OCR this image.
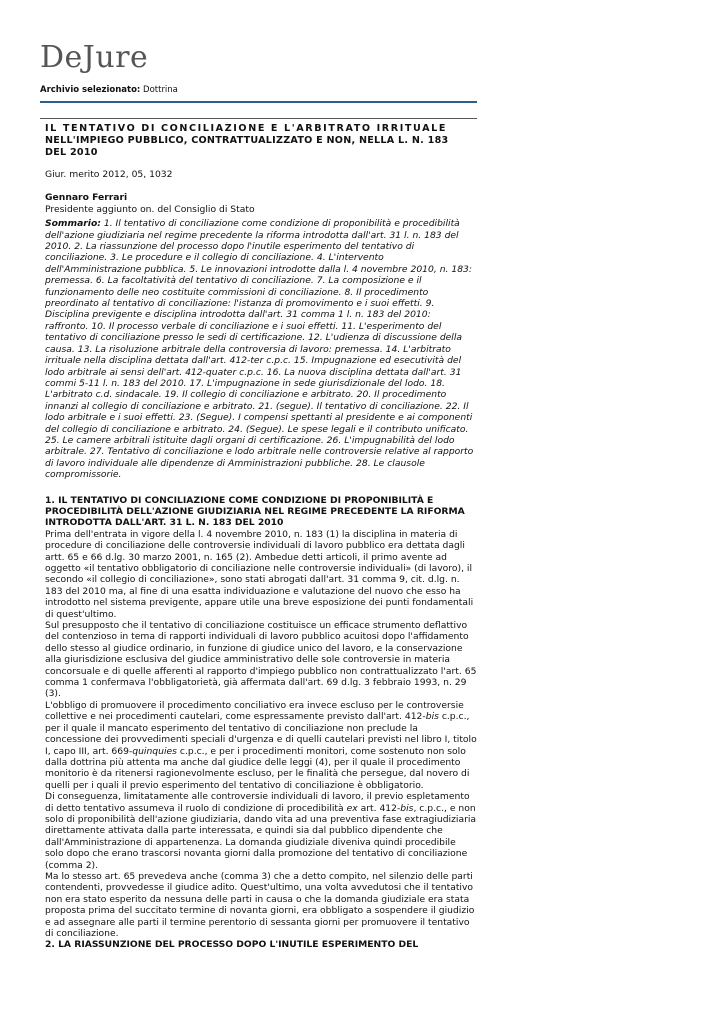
DeJure
Archivio selezionato: Dottrina
IL TENTATIVO DI CONCILIAZIONE E L'ARBITRATO IRRITUALE
NELL'IMPIEGO PUBBLICO, CONTRATTUALIZZATO E NON, NELLA L. N. 183
DEL 2010

Giur. merito 2012, 05, 1032

Gennaro Ferrari

Presidente aggiunto on. del Consiglio di Stato

Sommario: 1. Il tentativo di conciliazione come condizione di proponibilità e procedibilità dell'azione giudiziaria nel regime precedente la riforma introdotta dall'art. 31 l. n. 183 del 2010. 2. La riassunzione del processo dopo l'inutile esperimento del tentativo di conciliazione. 3. Le procedure e il collegio di conciliazione. 4. L'intervento dell'Amministrazione pubblica. 5. Le innovazioni introdotte dalla l. 4 novembre 2010, n. 183: premessa. 6. La facoltatività del tentativo di conciliazione. 7. La composizione e il funzionamento delle neo costituite commissioni di conciliazione. 8. Il procedimento preordinato al tentativo di conciliazione: l'istanza di promovimento e i suoi effetti. 9. Disciplina previgente e disciplina introdotta dall'art. 31 comma 1 l. n. 183 del 2010: raffronto. 10. Il processo verbale di conciliazione e i suoi effetti. 11. L'esperimento del tentativo di conciliazione presso le sedi di certificazione. 12. L'udienza di discussione della causa. 13. La risoluzione arbitrale della controversia di lavoro: premessa. 14. L'arbitrato irrituale nella disciplina dettata dall'art. 412-ter c.p.c. 15. Impugnazione ed esecutività del lodo arbitrale ai sensi dell'art. 412-quater c.p.c. 16. La nuova disciplina dettata dall'art. 31 commi 5-11 l. n. 183 del 2010. 17. L'impugnazione in sede giurisdizionale del lodo. 18. L'arbitrato c.d. sindacale. 19. Il collegio di conciliazione e arbitrato. 20. Il procedimento innanzi al collegio di conciliazione e arbitrato. 21. (segue). Il tentativo di conciliazione. 22. Il lodo arbitrale e i suoi effetti. 23. (Segue). I compensi spettanti al presidente e ai componenti del collegio di conciliazione e arbitrato. 24. (Segue). Le spese legali e il contributo unificato. 25. Le camere arbitrali istituite dagli organi di certificazione. 26. L'impugnabilità del lodo arbitrale. 27. Tentativo di conciliazione e lodo arbitrale nelle controversie relative al rapporto di lavoro individuale alle dipendenze di Amministrazioni pubbliche. 28. Le clausole compromissorie.

1. IL TENTATIVO DI CONCILIAZIONE COME CONDIZIONE DI PROPONIBILITÀ E PROCEDIBILITÀ DELL'AZIONE GIUDIZIARIA NEL REGIME PRECEDENTE LA RIFORMA INTRODOTTA DALL'ART. 31 L. N. 183 DEL 2010

Prima dell'entrata in vigore della l. 4 novembre 2010, n. 183 (1) la disciplina in materia di procedure di conciliazione delle controversie individuali di lavoro pubblico era dettata dagli artt. 65 e 66 d.lg. 30 marzo 2001, n. 165 (2). Ambedue detti articoli, il primo avente ad oggetto «il tentativo obbligatorio di conciliazione nelle controversie individuali» (di lavoro), il secondo «il collegio di conciliazione», sono stati abrogati dall'art. 31 comma 9, cit. d.lg. n. 183 del 2010 ma, al fine di una esatta individuazione e valutazione del nuovo che esso ha introdotto nel sistema previgente, appare utile una breve esposizione dei punti fondamentali di quest'ultimo.

Sul presupposto che il tentativo di conciliazione costituisce un efficace strumento deflattivo del contenzioso in tema di rapporti individuali di lavoro pubblico acuitosi dopo l'affidamento dello stesso al giudice ordinario, in funzione di giudice unico del lavoro, e la conservazione alla giurisdizione esclusiva del giudice amministrativo delle sole controversie in materia concorsuale e di quelle afferenti al rapporto d'impiego pubblico non contrattualizzato l'art. 65 comma 1 confermava l'obbligatorietà, già affermata dall'art. 69 d.lg. 3 febbraio 1993, n. 29 (3).

L'obbligo di promuovere il procedimento conciliativo era invece escluso per le controversie collettive e nei procedimenti cautelari, come espressamente previsto dall'art. 412-bis c.p.c., per il quale il mancato esperimento del tentativo di conciliazione non preclude la concessione dei provvedimenti speciali d'urgenza e di quelli cautelari previsti nel libro I, titolo I, capo III, art. 669-quinquies c.p.c., e per i procedimenti monitori, come sostenuto non solo dalla dottrina più attenta ma anche dal giudice delle leggi (4), per il quale il procedimento monitorio è da ritenersi ragionevolmente escluso, per le finalità che persegue, dal novero di quelli per i quali il previo esperimento del tentativo di conciliazione è obbligatorio.

Di conseguenza, limitatamente alle controversie individuali di lavoro, il previo espletamento di detto tentativo assumeva il ruolo di condizione di procedibilità ex art. 412-bis, c.p.c., e non solo di proponibilità dell'azione giudiziaria, dando vita ad una preventiva fase extragiudiziaria direttamente attivata dalla parte interessata, e quindi sia dal pubblico dipendente che dall'Amministrazione di appartenenza. La domanda giudiziale diveniva quindi procedibile solo dopo che erano trascorsi novanta giorni dalla promozione del tentativo di conciliazione (comma 2).

Ma lo stesso art. 65 prevedeva anche (comma 3) che a detto compito, nel silenzio delle parti contendenti, provvedesse il giudice adito. Quest'ultimo, una volta avvedutosi che il tentativo non era stato esperito da nessuna delle parti in causa o che la domanda giudiziale era stata proposta prima del succitato termine di novanta giorni, era obbligato a sospendere il giudizio e ad assegnare alle parti il termine perentorio di sessanta giorni per promuovere il tentativo di conciliazione.

2. LA RIASSUNZIONE DEL PROCESSO DOPO L'INUTILE ESPERIMENTO DEL
